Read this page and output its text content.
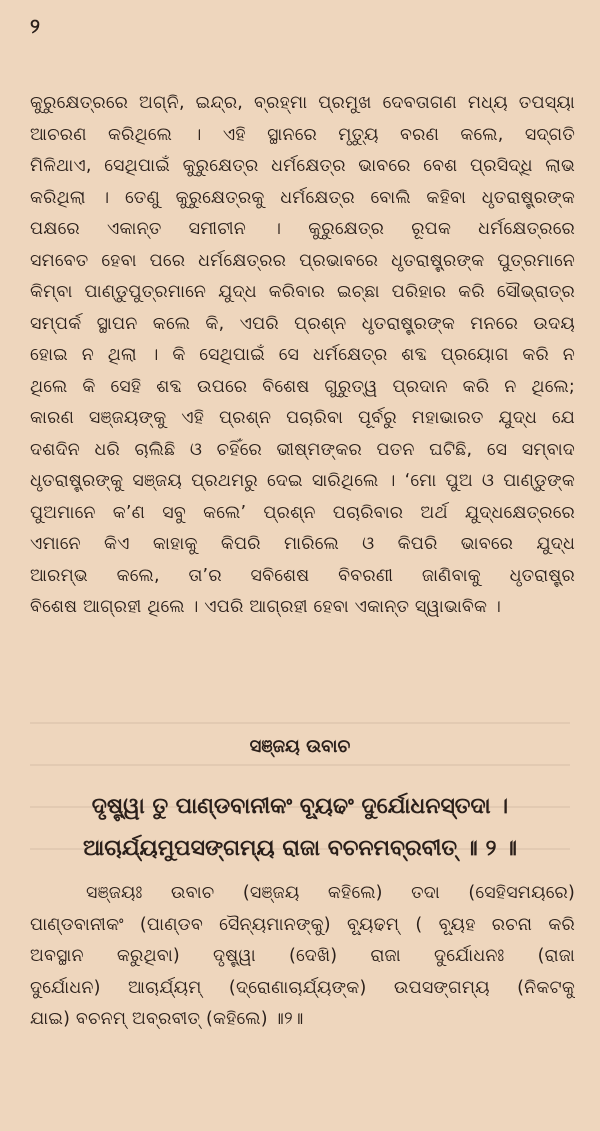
୨
କୁରୁକ୍ଷେତ୍ରରେ ଅଗ୍ନି, ଇନ୍ଦ୍ର, ବ୍ରହ୍ମା ପ୍ରମୁଖ ଦେବତାଗଣ ମଧ୍ୟ ତପସ୍ୟା
ଆଚରଣ କରିଥିଲେ । ଏହି ସ୍ଥାନରେ ମୃତ୍ୟୁ ବରଣ କଲେ, ସଦ୍‌ଗତି
ମିଳିଥାଏ, ସେଥିପାଇଁ କୁରୁକ୍ଷେତ୍ର ଧର୍ମକ୍ଷେତ୍ର ଭାବରେ ବେଶ ପ୍ରସିଦ୍ଧି ଲାଭ
କରିଥିଲା । ତେଣୁ କୁରୁକ୍ଷେତ୍ରକୁ ଧର୍ମକ୍ଷେତ୍ର ବୋଲି କହିବା ଧୃତରାଷ୍ଟ୍ରଙ୍କ
ପକ୍ଷରେ ଏକାନ୍ତ ସମୀଚୀନ । କୁରୁକ୍ଷେତ୍ର ରୂପକ ଧର୍ମକ୍ଷେତ୍ରରେ
ସମବେତ ହେବା ପରେ ଧର୍ମକ୍ଷେତ୍ରର ପ୍ରଭାବରେ ଧୃତରାଷ୍ଟ୍ରଙ୍କ ପୁତ୍ରମାନେ
କିମ୍ବା ପାଣ୍ଡୁପୁତ୍ରମାନେ ଯୁଦ୍ଧ କରିବାର ଇଚ୍ଛା ପରିହାର କରି ସୌଭ୍ରାତ୍ର
ସମ୍ପର୍କ ସ୍ଥାପନ କଲେ କି, ଏପରି ପ୍ରଶ୍ନ ଧୃତରାଷ୍ଟ୍ରଙ୍କ ମନରେ ଉଦୟ
ହୋଇ ନ ଥିଲା । କି ସେଥିପାଇଁ ସେ ଧର୍ମକ୍ଷେତ୍ର ଶବ୍ଦ ପ୍ରୟୋଗ କରି ନ
ଥିଲେ କି ସେହି ଶବ୍ଦ ଉପରେ ବିଶେଷ ଗୁରୁତ୍ୱ ପ୍ରଦାନ କରି ନ ଥିଲେ;
କାରଣ ସଞ୍ଜୟଙ୍କୁ ଏହି ପ୍ରଶ୍ନ ପଚାରିବା ପୂର୍ବରୁ ମହାଭାରତ ଯୁଦ୍ଧ ଯେ
ଦଶଦିନ ଧରି ଚାଲିଛି ଓ ଚହିଁରେ ଭୀଷ୍ମଙ୍କର ପତନ ଘଟିଛି, ସେ ସମ୍ବାଦ
ଧୃତରାଷ୍ଟ୍ରଙ୍କୁ ସଞ୍ଜୟ ପ୍ରଥମରୁ ଦେଇ ସାରିଥିଲେ । ‘ମୋ ପୁଅ ଓ ପାଣ୍ଡୁଙ୍କ
ପୁଅମାନେ କ’ଣ ସବୁ କଲେ’ ପ୍ରଶ୍ନ ପଚାରିବାର ଅର୍ଥ ଯୁଦ୍ଧକ୍ଷେତ୍ରରେ
ଏମାନେ କିଏ କାହାକୁ କିପରି ମାରିଲେ ଓ କିପରି ଭାବରେ ଯୁଦ୍ଧ
ଆରମ୍ଭ କଲେ, ତା’ର ସବିଶେଷ ବିବରଣୀ ଜାଣିବାକୁ ଧୃତରାଷ୍ଟ୍ର
ବିଶେଷ ଆଗ୍ରହୀ ଥିଲେ । ଏପରି ଆଗ୍ରହୀ ହେବା ଏକାନ୍ତ ସ୍ୱାଭାବିକ ।
ସଞ୍ଜୟ ଉବାଚ
ଦୃଷ୍ଟ୍ୱା ତୁ ପାଣ୍ଡବାନୀକଂ ବ୍ୟୂଢଂ ଦୁର୍ଯୋଧନସ୍ତଦା ।
ଆଚାର୍ଯ୍ୟମୁପସଙ୍ଗମ୍ୟ ରାଜା ବଚନମବ୍ରବୀତ୍ ॥ ୨ ॥
ସଞ୍ଜୟଃ ଉବାଚ (ସଞ୍ଜୟ କହିଲେ) ତଦା (ସେହିସମୟରେ)
ପାଣ୍ଡବାନୀକଂ (ପାଣ୍ଡବ ସୈନ୍ୟମାନଙ୍କୁ) ବ୍ୟୂଢମ୍ ( ବ୍ୟୂହ ରଚନା କରି
ଅବସ୍ଥାନ କରୁଥିବା) ଦୃଷ୍ଟ୍ୱା (ଦେଖି) ରାଜା ଦୁର୍ଯୋଧନଃ (ରାଜା
ଦୁର୍ଯୋଧନ) ଆଚାର୍ଯ୍ୟମ୍ (ଦ୍ରୋଣାଚାର୍ଯ୍ୟଙ୍କ) ଉପସଙ୍ଗମ୍ୟ (ନିକଟକୁ
ଯାଇ) ବଚନମ୍ ଅବ୍ରବୀତ୍ (କହିଲେ) ॥୨॥
